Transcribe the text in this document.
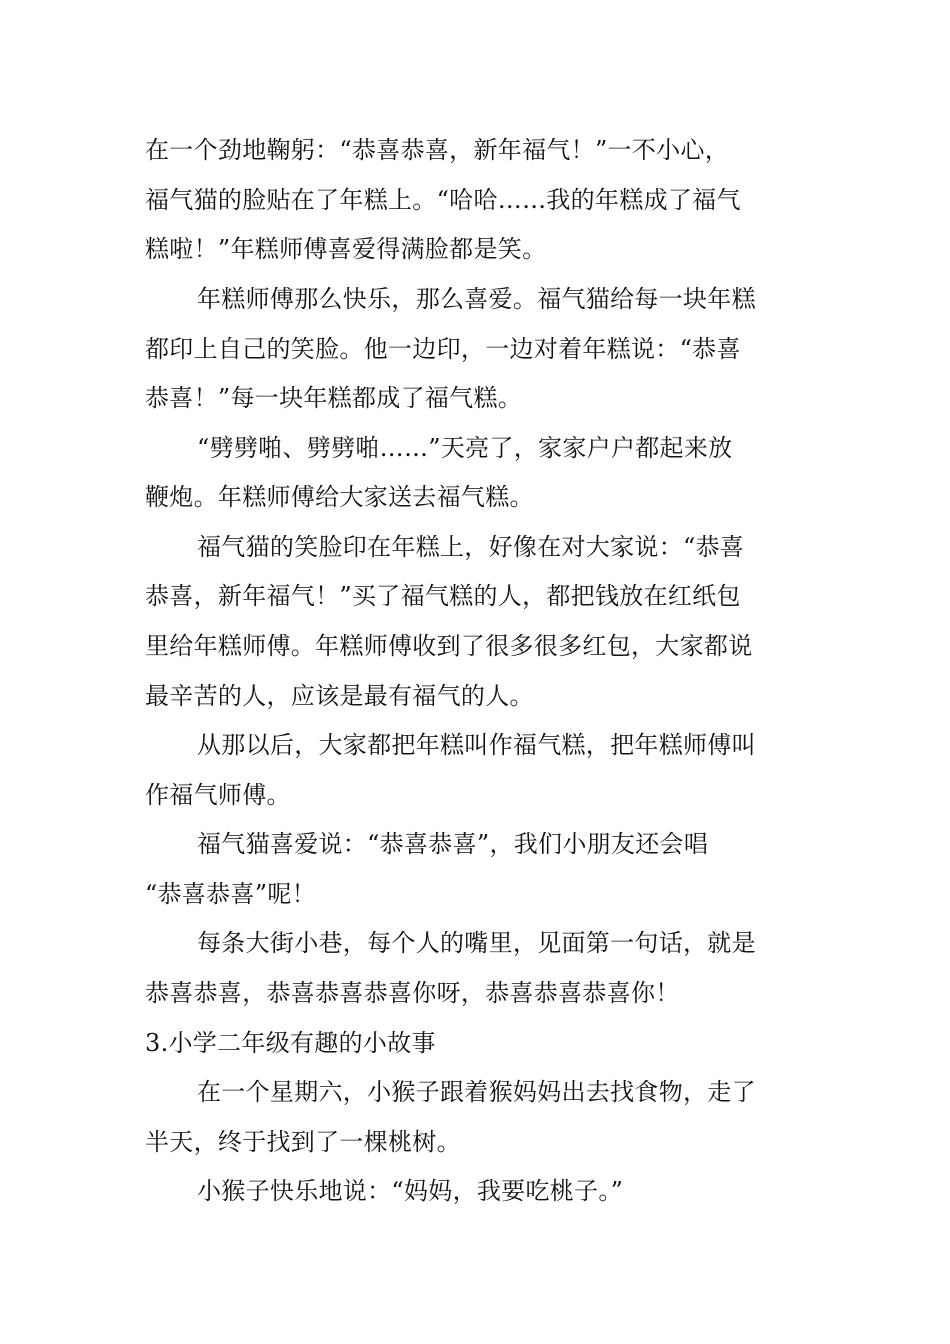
在一个劲地鞠躬：“恭喜恭喜，新年福气！”一不小心，
福气猫的脸贴在了年糕上。“哈哈……我的年糕成了福气
糕啦！”年糕师傅喜爱得满脸都是笑。
年糕师傅那么快乐，那么喜爱。福气猫给每一块年糕
都印上自己的笑脸。他一边印，一边对着年糕说：“恭喜
恭喜！”每一块年糕都成了福气糕。
“劈劈啪、劈劈啪……”天亮了，家家户户都起来放
鞭炮。年糕师傅给大家送去福气糕。
福气猫的笑脸印在年糕上，好像在对大家说：“恭喜
恭喜，新年福气！”买了福气糕的人，都把钱放在红纸包
里给年糕师傅。年糕师傅收到了很多很多红包，大家都说
最辛苦的人，应该是最有福气的人。
从那以后，大家都把年糕叫作福气糕，把年糕师傅叫
作福气师傅。
福气猫喜爱说：“恭喜恭喜”，我们小朋友还会唱
“恭喜恭喜”呢！
每条大街小巷，每个人的嘴里，见面第一句话，就是
恭喜恭喜，恭喜恭喜恭喜你呀，恭喜恭喜恭喜你！
3.小学二年级有趣的小故事
在一个星期六，小猴子跟着猴妈妈出去找食物，走了
半天，终于找到了一棵桃树。
小猴子快乐地说：“妈妈，我要吃桃子。”
